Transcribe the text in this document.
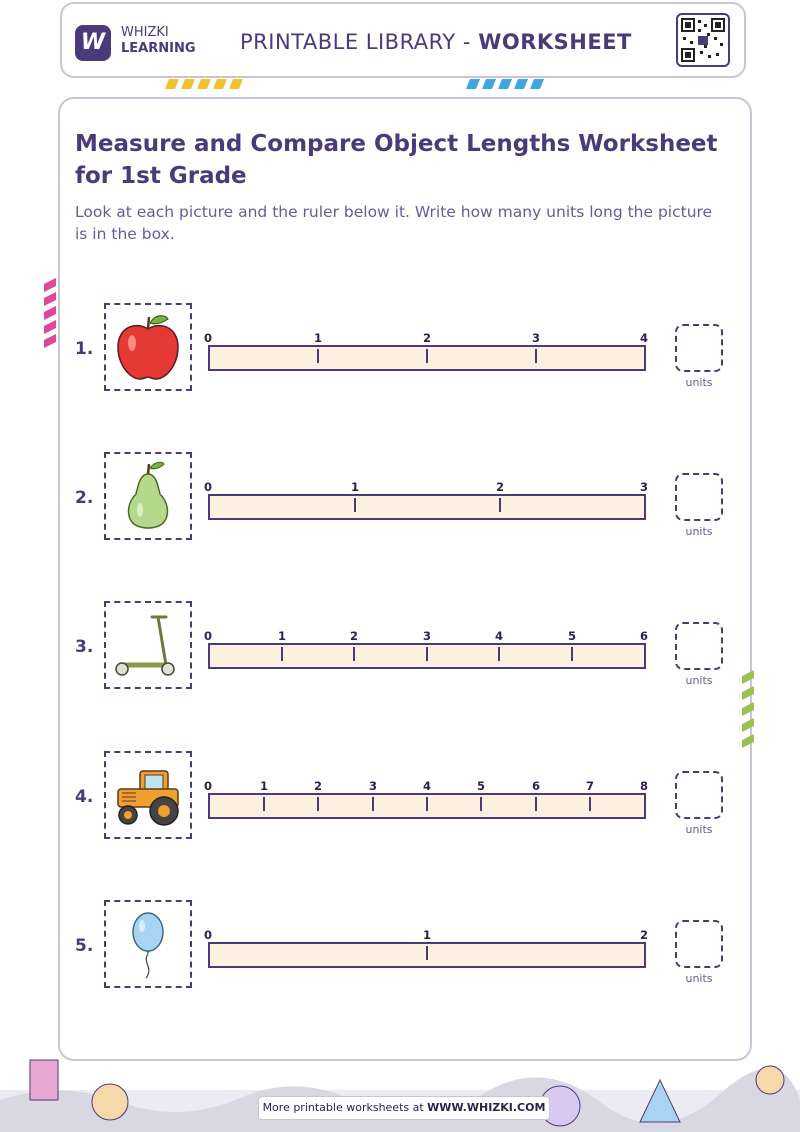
W	WHIZKI
LEARNING PRINTABLE LIBRARY - WORKSHEET
Measure and Compare Object Lengths Worksheet for 1st Grade
Look at each picture and the ruler below it. Write how many units long the picture is in the box.
1.
0	1	2	3	4
units
2.
0	1	2	3
units
3.
0	1	2	3	4	5	6
units
4.
0	1	2	3	4	5	6	7	8
units
5.
0	1	2
units
More printable worksheets at WWW.WHIZKI.COM
